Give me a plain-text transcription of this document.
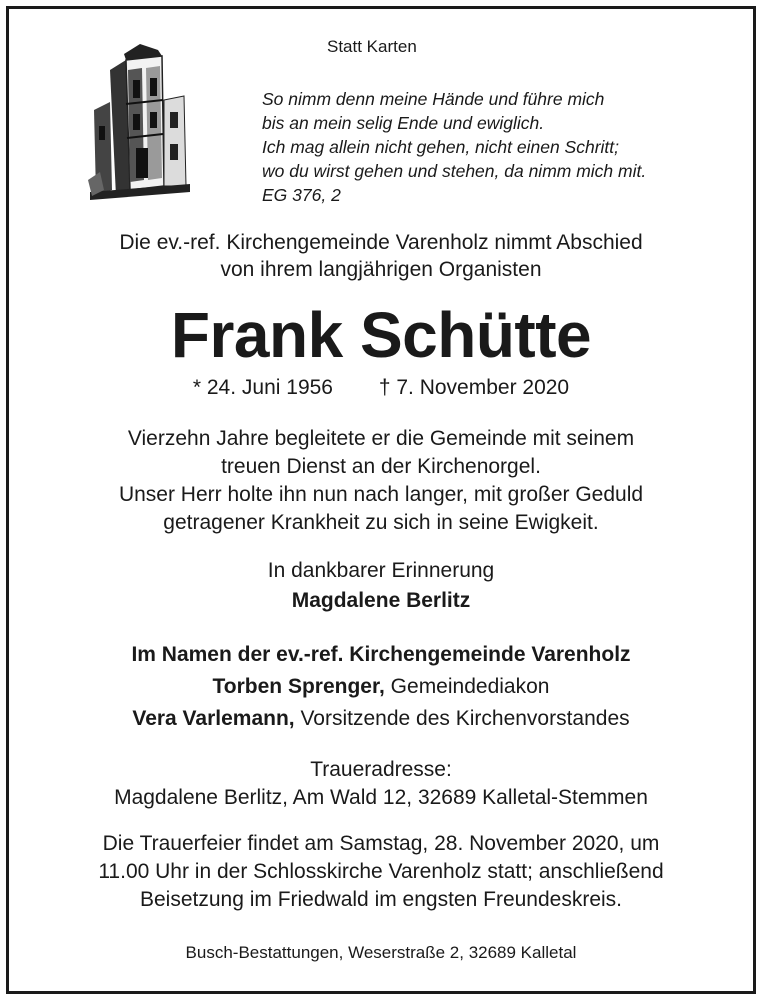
Statt Karten
So nimm denn meine Hände und führe mich
bis an mein selig Ende und ewiglich.
Ich mag allein nicht gehen, nicht einen Schritt;
wo du wirst gehen und stehen, da nimm mich mit.
EG 376, 2
Die ev.-ref. Kirchengemeinde Varenholz nimmt Abschied
von ihrem langjährigen Organisten
Frank Schütte
* 24. Juni 1956 † 7. November 2020
Vierzehn Jahre begleitete er die Gemeinde mit seinem
treuen Dienst an der Kirchenorgel.
Unser Herr holte ihn nun nach langer, mit großer Geduld
getragener Krankheit zu sich in seine Ewigkeit.
In dankbarer Erinnerung
Magdalene Berlitz
Im Namen der ev.-ref. Kirchengemeinde Varenholz
Torben Sprenger, Gemeindediakon
Vera Varlemann, Vorsitzende des Kirchenvorstandes
Traueradresse:
Magdalene Berlitz, Am Wald 12, 32689 Kalletal-Stemmen
Die Trauerfeier findet am Samstag, 28. November 2020, um
11.00 Uhr in der Schlosskirche Varenholz statt; anschließend
Beisetzung im Friedwald im engsten Freundeskreis.
Busch-Bestattungen, Weserstraße 2, 32689 Kalletal
